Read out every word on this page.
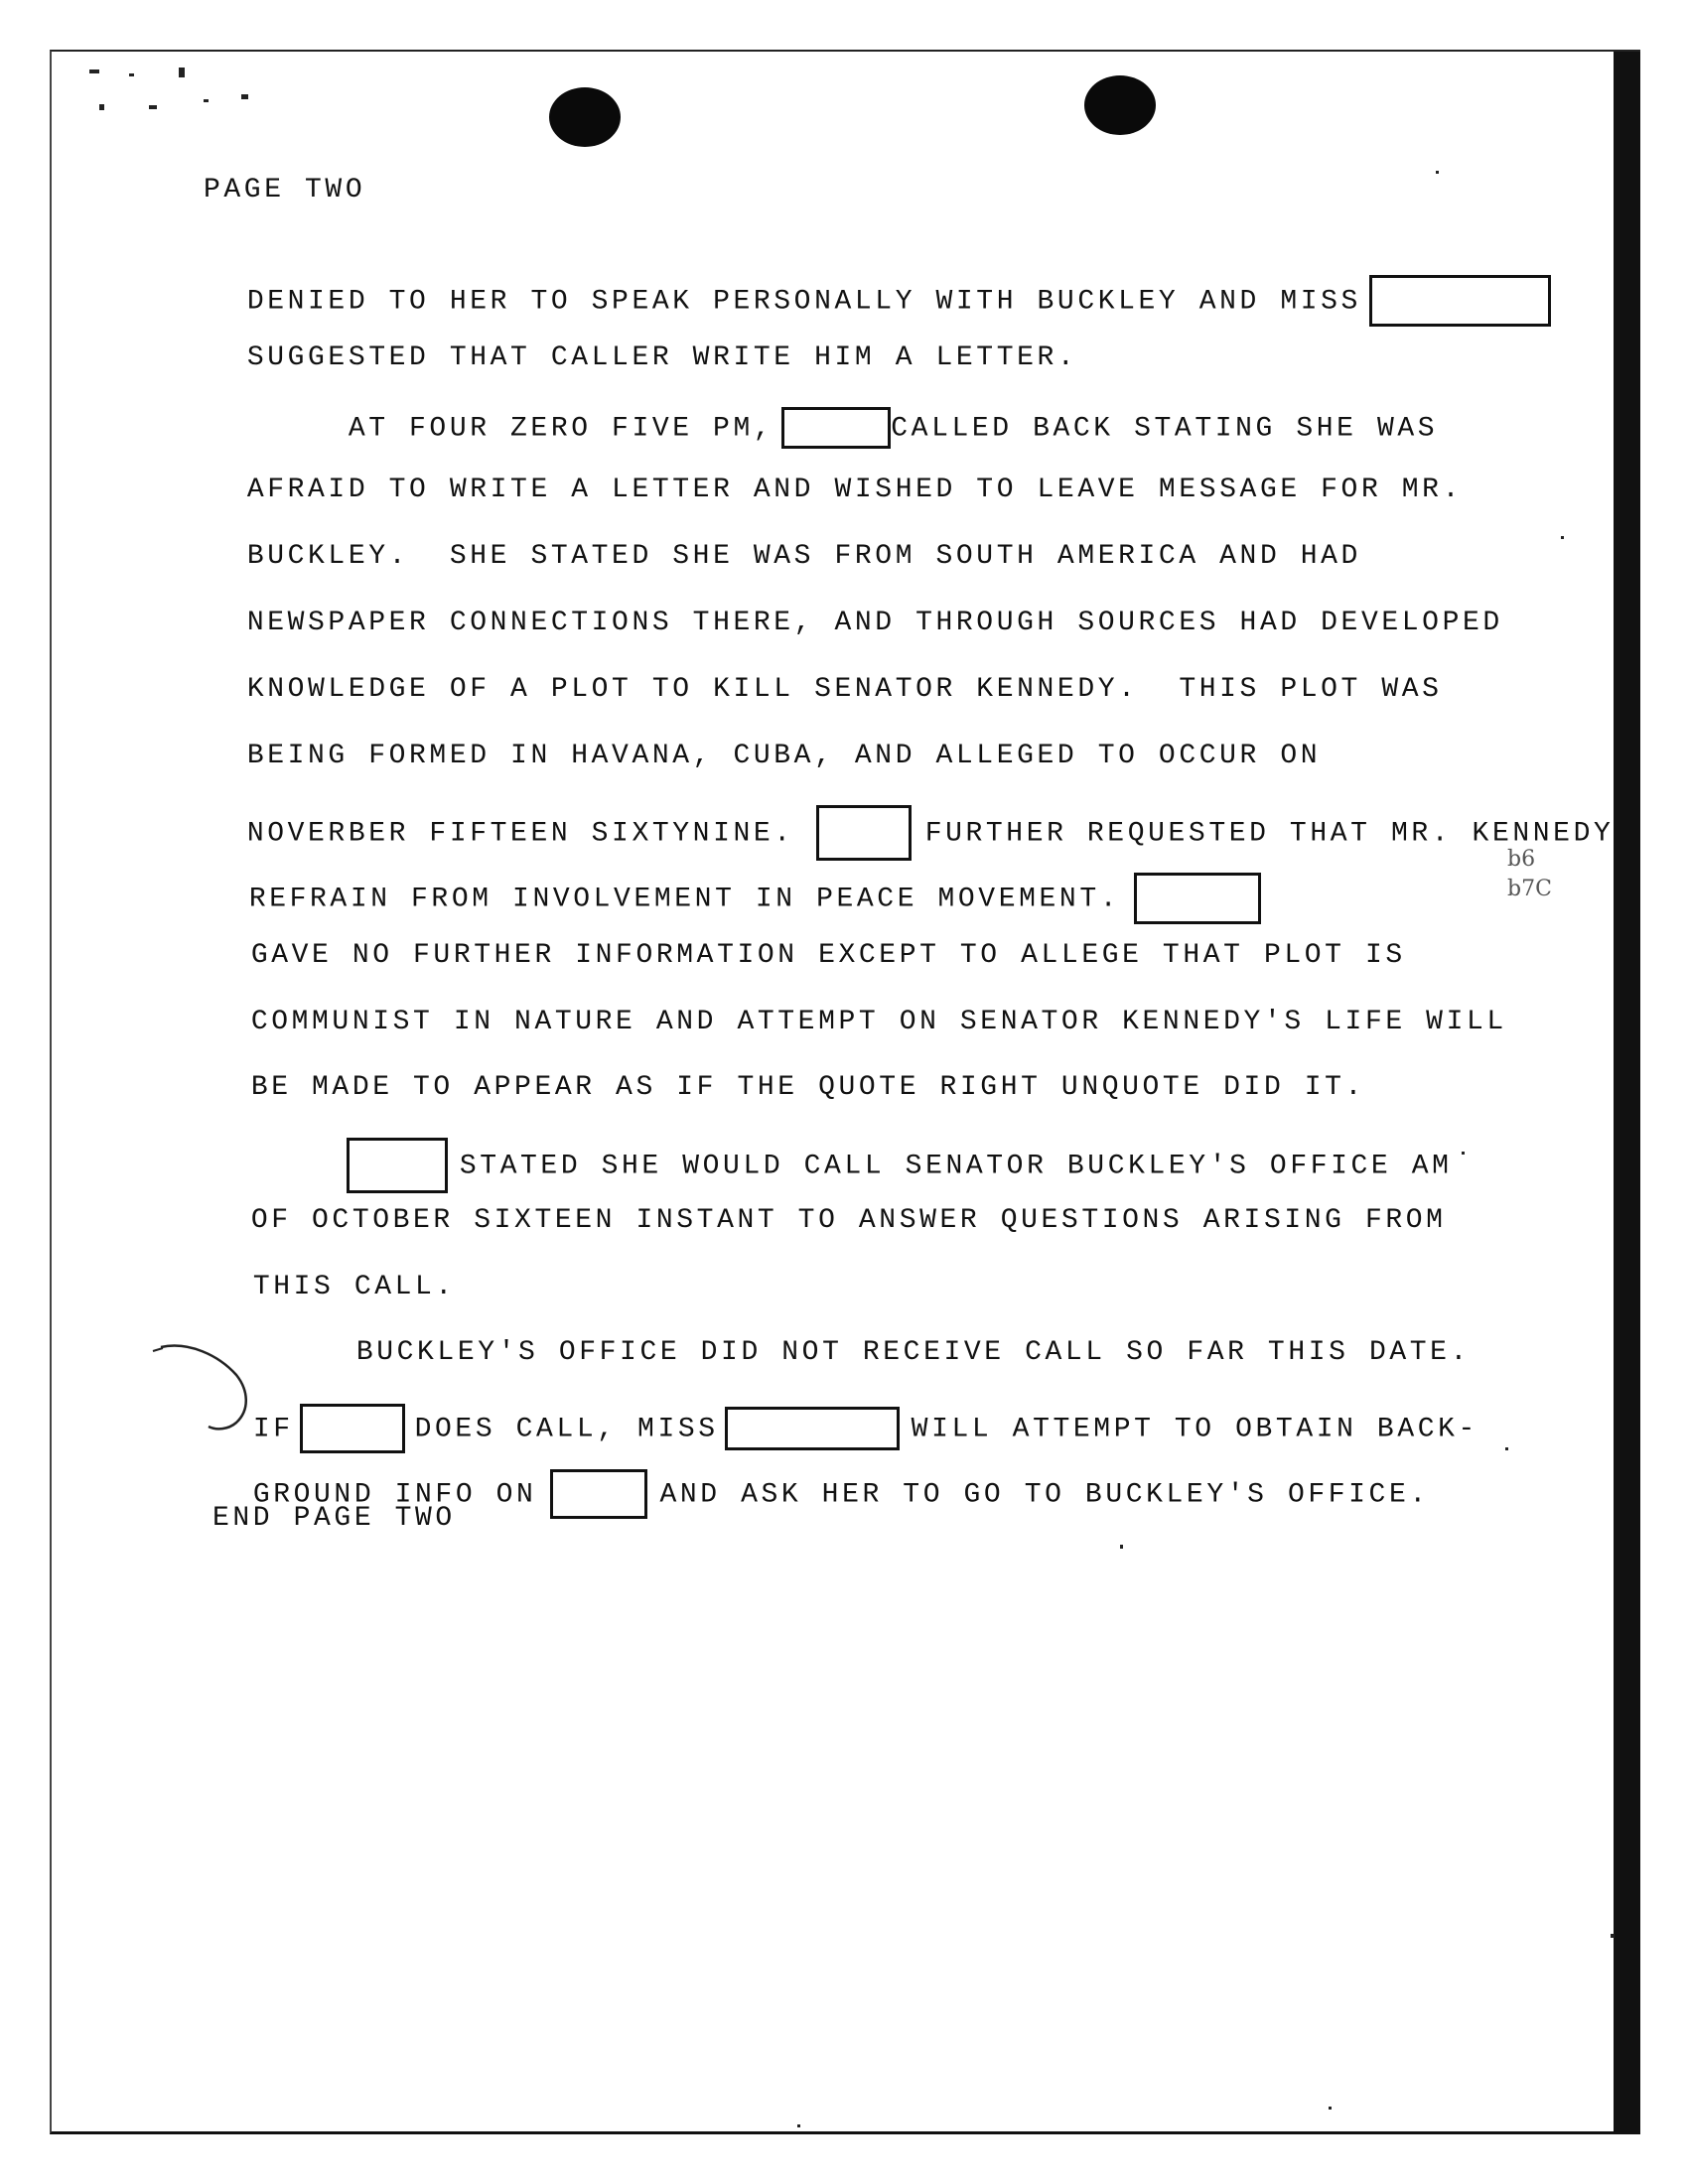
PAGE TWO

DENIED TO HER TO SPEAK PERSONALLY WITH BUCKLEY AND MISS

SUGGESTED THAT CALLER WRITE HIM A LETTER.

AT FOUR ZERO FIVE PM,	CALLED BACK STATING SHE WAS

AFRAID TO WRITE A LETTER AND WISHED TO LEAVE MESSAGE FOR MR.

BUCKLEY.  SHE STATED SHE WAS FROM SOUTH AMERICA AND HAD

NEWSPAPER CONNECTIONS THERE, AND THROUGH SOURCES HAD DEVELOPED

KNOWLEDGE OF A PLOT TO KILL SENATOR KENNEDY.  THIS PLOT WAS

BEING FORMED IN HAVANA, CUBA, AND ALLEGED TO OCCUR ON

NOVERBER FIFTEEN SIXTYNINE.	FURTHER REQUESTED THAT MR. KENNEDY

REFRAIN FROM INVOLVEMENT IN PEACE MOVEMENT.

b6
b7C

GAVE NO FURTHER INFORMATION EXCEPT TO ALLEGE THAT PLOT IS

COMMUNIST IN NATURE AND ATTEMPT ON SENATOR KENNEDY'S LIFE WILL

BE MADE TO APPEAR AS IF THE QUOTE RIGHT UNQUOTE DID IT.

STATED SHE WOULD CALL SENATOR BUCKLEY'S OFFICE AM

OF OCTOBER SIXTEEN INSTANT TO ANSWER QUESTIONS ARISING FROM

THIS CALL.

BUCKLEY'S OFFICE DID NOT RECEIVE CALL SO FAR THIS DATE.

IF	DOES CALL, MISS	WILL ATTEMPT TO OBTAIN BACK-

GROUND INFO ON	AND ASK HER TO GO TO BUCKLEY'S OFFICE.

END PAGE TWO
